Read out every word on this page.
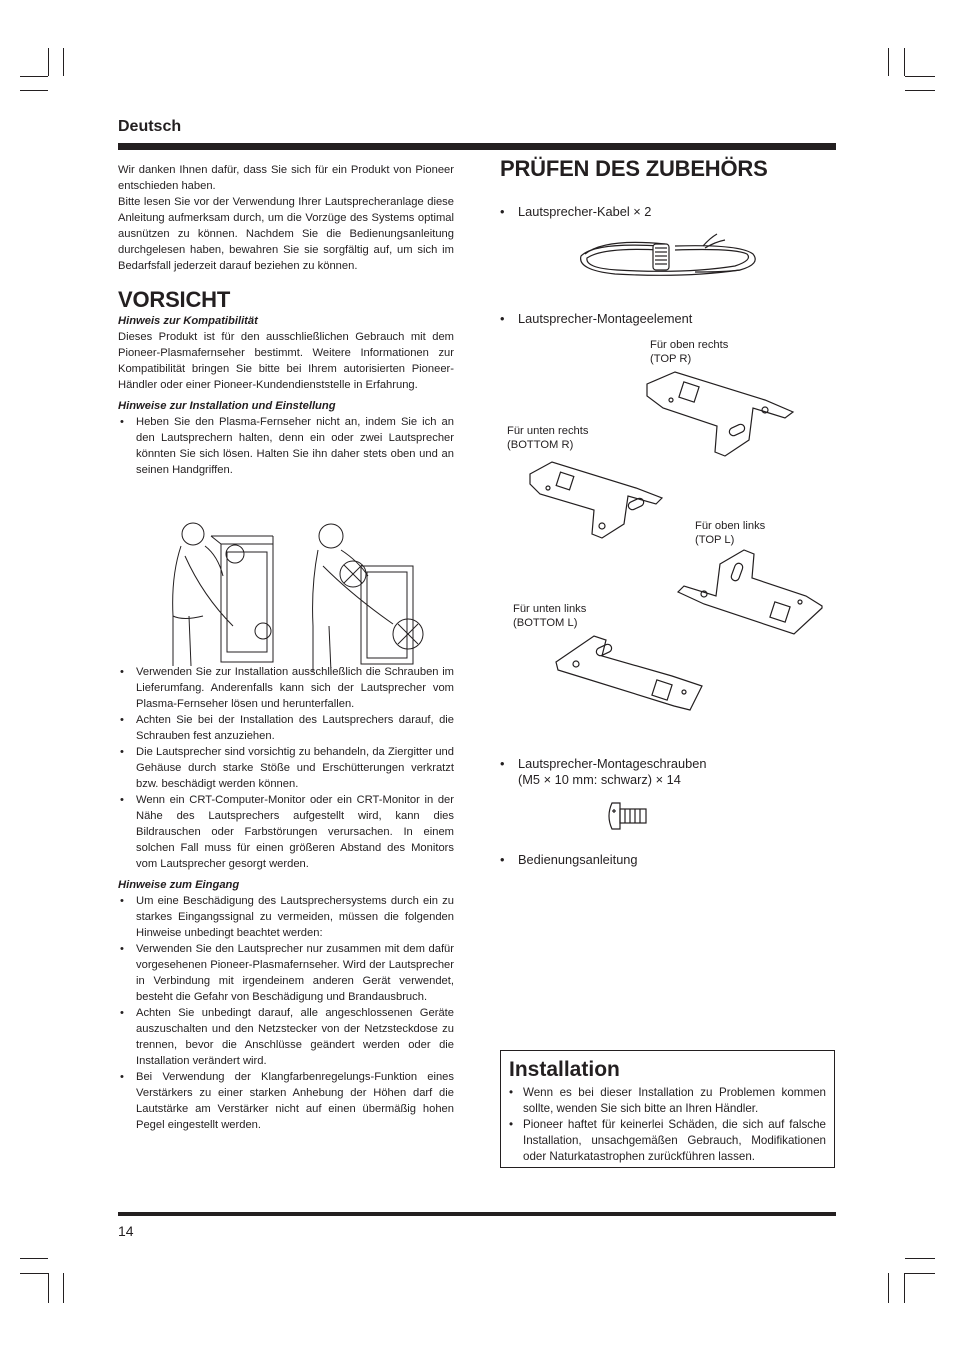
Deutsch

Wir danken Ihnen dafür, dass Sie sich für ein Produkt von Pioneer entschieden haben.

Bitte lesen Sie vor der Verwendung Ihrer Lautsprecheranlage diese Anleitung aufmerksam durch, um die Vorzüge des Systems optimal ausnützen zu können. Nachdem Sie die Bedienungsanleitung durchgelesen haben, bewahren Sie sie sorgfältig auf, um sich im Bedarfsfall jederzeit darauf beziehen zu können.

VORSICHT

Hinweis zur Kompatibilität

Dieses Produkt ist für den ausschließlichen Gebrauch mit dem Pioneer-Plasmafernseher bestimmt. Weitere Informationen zur Kompatibilität bringen Sie bitte bei Ihrem autorisierten Pioneer-Händler oder einer Pioneer-Kundendienststelle in Erfahrung.

Hinweise zur Installation und Einstellung

• Heben Sie den Plasma-Fernseher nicht an, indem Sie ich an den Lautsprechern halten, denn ein oder zwei Lautsprecher könnten Sie sich lösen. Halten Sie ihn daher stets oben und an seinen Handgriffen.
• Verwenden Sie zur Installation ausschließlich die Schrauben im Lieferumfang. Anderenfalls kann sich der Lautsprecher vom Plasma-Fernseher lösen und herunterfallen.
• Achten Sie bei der Installation des Lautsprechers darauf, die Schrauben fest anzuziehen.
• Die Lautsprecher sind vorsichtig zu behandeln, da Ziergitter und Gehäuse durch starke Stöße und Erschütterungen verkratzt bzw. beschädigt werden können.
• Wenn ein CRT-Computer-Monitor oder ein CRT-Monitor in der Nähe des Lautsprechers aufgestellt wird, kann dies Bildrauschen oder Farbstörungen verursachen. In einem solchen Fall muss für einen größeren Abstand des Monitors vom Lautsprecher gesorgt werden.

Hinweise zum Eingang

• Um eine Beschädigung des Lautsprechersystems durch ein zu starkes Eingangssignal zu vermeiden, müssen die folgenden Hinweise unbedingt beachtet werden:
• Verwenden Sie den Lautsprecher nur zusammen mit dem dafür vorgesehenen Pioneer-Plasmafernseher. Wird der Lautsprecher in Verbindung mit irgendeinem anderen Gerät verwendet, besteht die Gefahr von Beschädigung und Brandausbruch.
• Achten Sie unbedingt darauf, alle angeschlossenen Geräte auszuschalten und den Netzstecker von der Netzsteckdose zu trennen, bevor die Anschlüsse geändert werden oder die Installation verändert wird.
• Bei Verwendung der Klangfarbenregelungs-Funktion eines Verstärkers zu einer starken Anhebung der Höhen darf die Lautstärke am Verstärker nicht auf einen übermäßig hohen Pegel eingestellt werden.
PRÜFEN DES ZUBEHÖRS
•	Lautsprecher-Kabel × 2
•	Lautsprecher-Montageelement
Für oben rechts
(TOP R)
Für unten rechts
(BOTTOM R)
Für oben links
(TOP L)
Für unten links
(BOTTOM L)
•	Lautsprecher-Montageschrauben
(M5 × 10 mm: schwarz) × 14
•	Bedienungsanleitung
Installation
• Wenn es bei dieser Installation zu Problemen kommen sollte, wenden Sie sich bitte an Ihren Händler.
• Pioneer haftet für keinerlei Schäden, die sich auf falsche Installation, unsachgemäßen Gebrauch, Modifikationen oder Naturkatastrophen zurückführen lassen.
14
